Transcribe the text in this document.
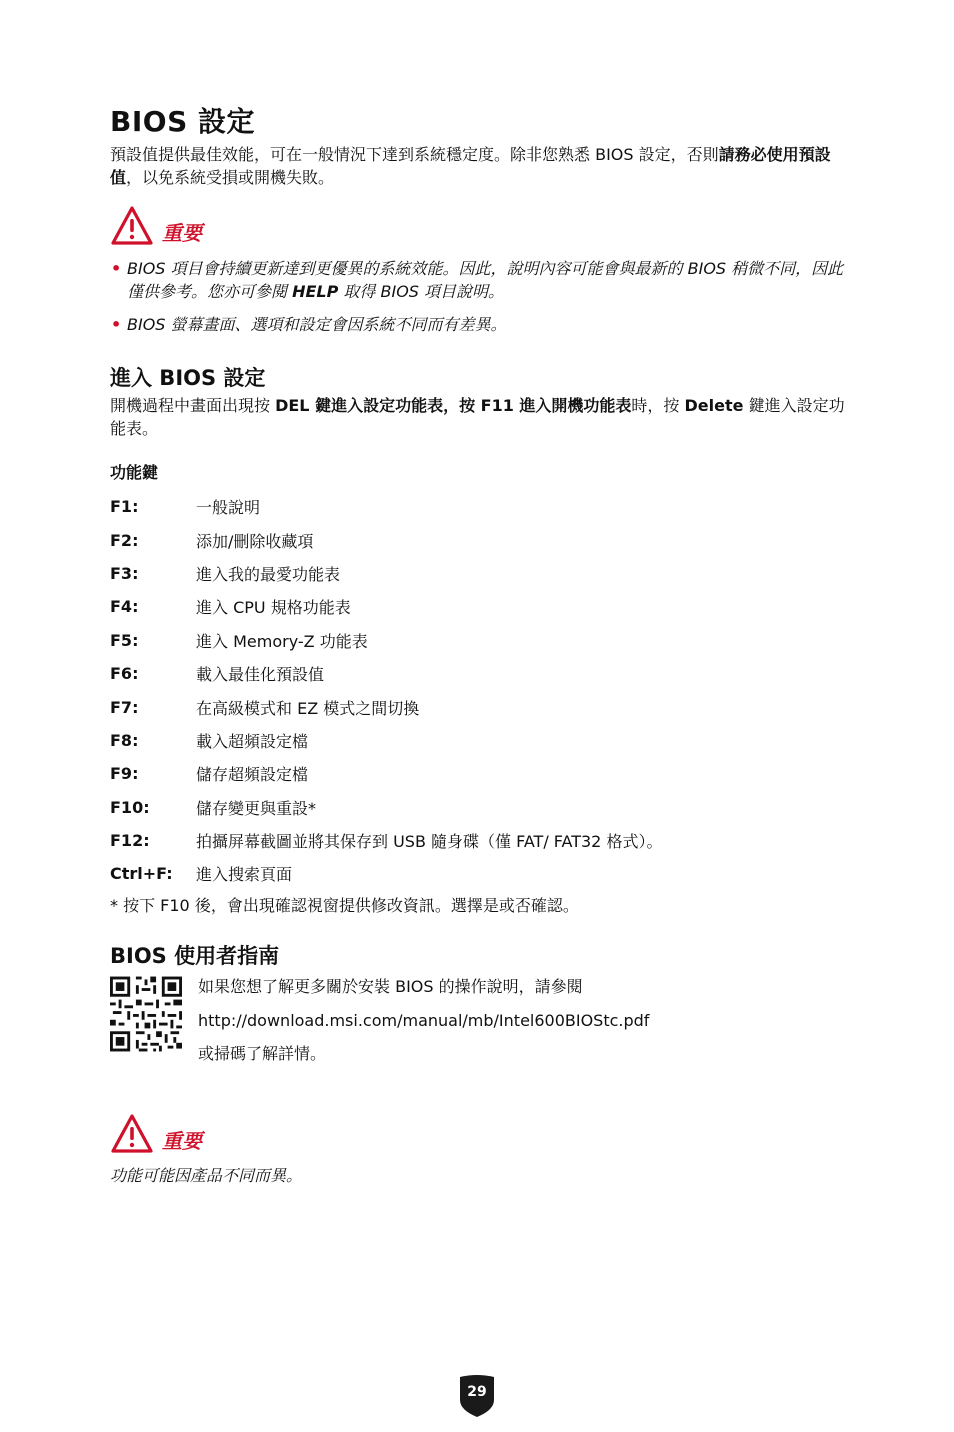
BIOS 設定

預設值提供最佳效能，可在一般情況下達到系統穩定度。除非您熟悉 BIOS 設定，否則請務必使用預設值，以免系統受損或開機失敗。

重要
• BIOS 項目會持續更新達到更優異的系統效能。因此，說明內容可能會與最新的 BIOS 稍微不同，因此僅供參考。您亦可參閱 HELP 取得 BIOS 項目說明。
• BIOS 螢幕畫面、選項和設定會因系統不同而有差異。
進入 BIOS 設定

開機過程中畫面出現按 DEL 鍵進入設定功能表，按 F11 進入開機功能表時，按 Delete 鍵進入設定功能表。

功能鍵
F1:	一般說明
F2:	添加/刪除收藏項
F3:	進入我的最愛功能表
F4:	進入 CPU 規格功能表
F5:	進入 Memory-Z 功能表
F6:	載入最佳化預設值
F7:	在高級模式和 EZ 模式之間切換
F8:	載入超頻設定檔
F9:	儲存超頻設定檔
F10:	儲存變更與重設*
F12:	拍攝屏幕截圖並將其保存到 USB 隨身碟（僅 FAT/ FAT32 格式）。
Ctrl+F:	進入搜索頁面
* 按下 F10 後，會出現確認視窗提供修改資訊。選擇是或否確認。
BIOS 使用者指南
如果您想了解更多關於安裝 BIOS 的操作說明，請參閱
http://download.msi.com/manual/mb/Intel600BIOStc.pdf
或掃碼了解詳情。
重要
功能可能因產品不同而異。
29
